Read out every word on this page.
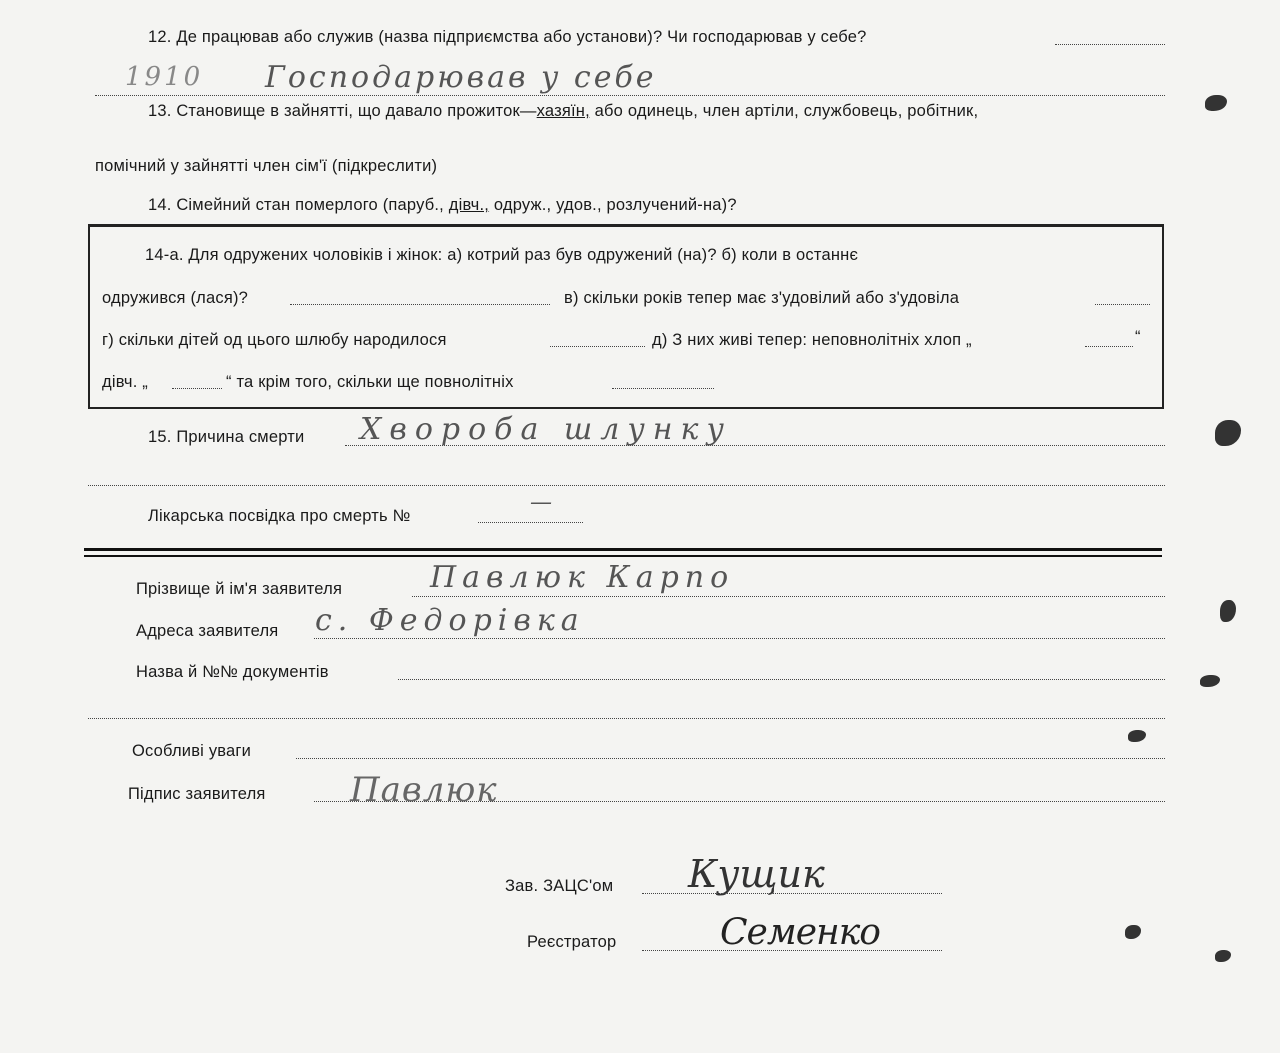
12. Де працював або служив (назва підприємства або установи)? Чи господарював у себе?
1910 Господарював у себе
13. Становище в зайнятті, що давало прожиток—хазяїн, або одинець, член артіли, службовець, робітник,
помічний у зайнятті член сім'ї (підкреслити)
14. Сімейний стан померлого (паруб., дівч., одруж., удов., розлучений-на)?
14-а. Для одружених чоловіків і жінок: а) котрий раз був одружений (на)? б) коли в останнє
одружився (лася)?	в) скільки років тепер має з'удовілий або з'удовіла
г) скільки дітей од цього шлюбу народилося	д) З них живі тепер: неповнолітніх хлоп „	“
дівч. „	“ та крім того, скільки ще повнолітніх
15. Причина смерти Хвороба шлунку
Лікарська посвідка про смерть №
—
Прізвище й ім'я заявителя	Павлюк Карпо
Адреса заявителя с. Федорівка
Назва й №№ документів
Особливі уваги
Підпис заявителя Павлюк
Зав. ЗАЦС'ом Кущик
Реєстратор	Семенко
